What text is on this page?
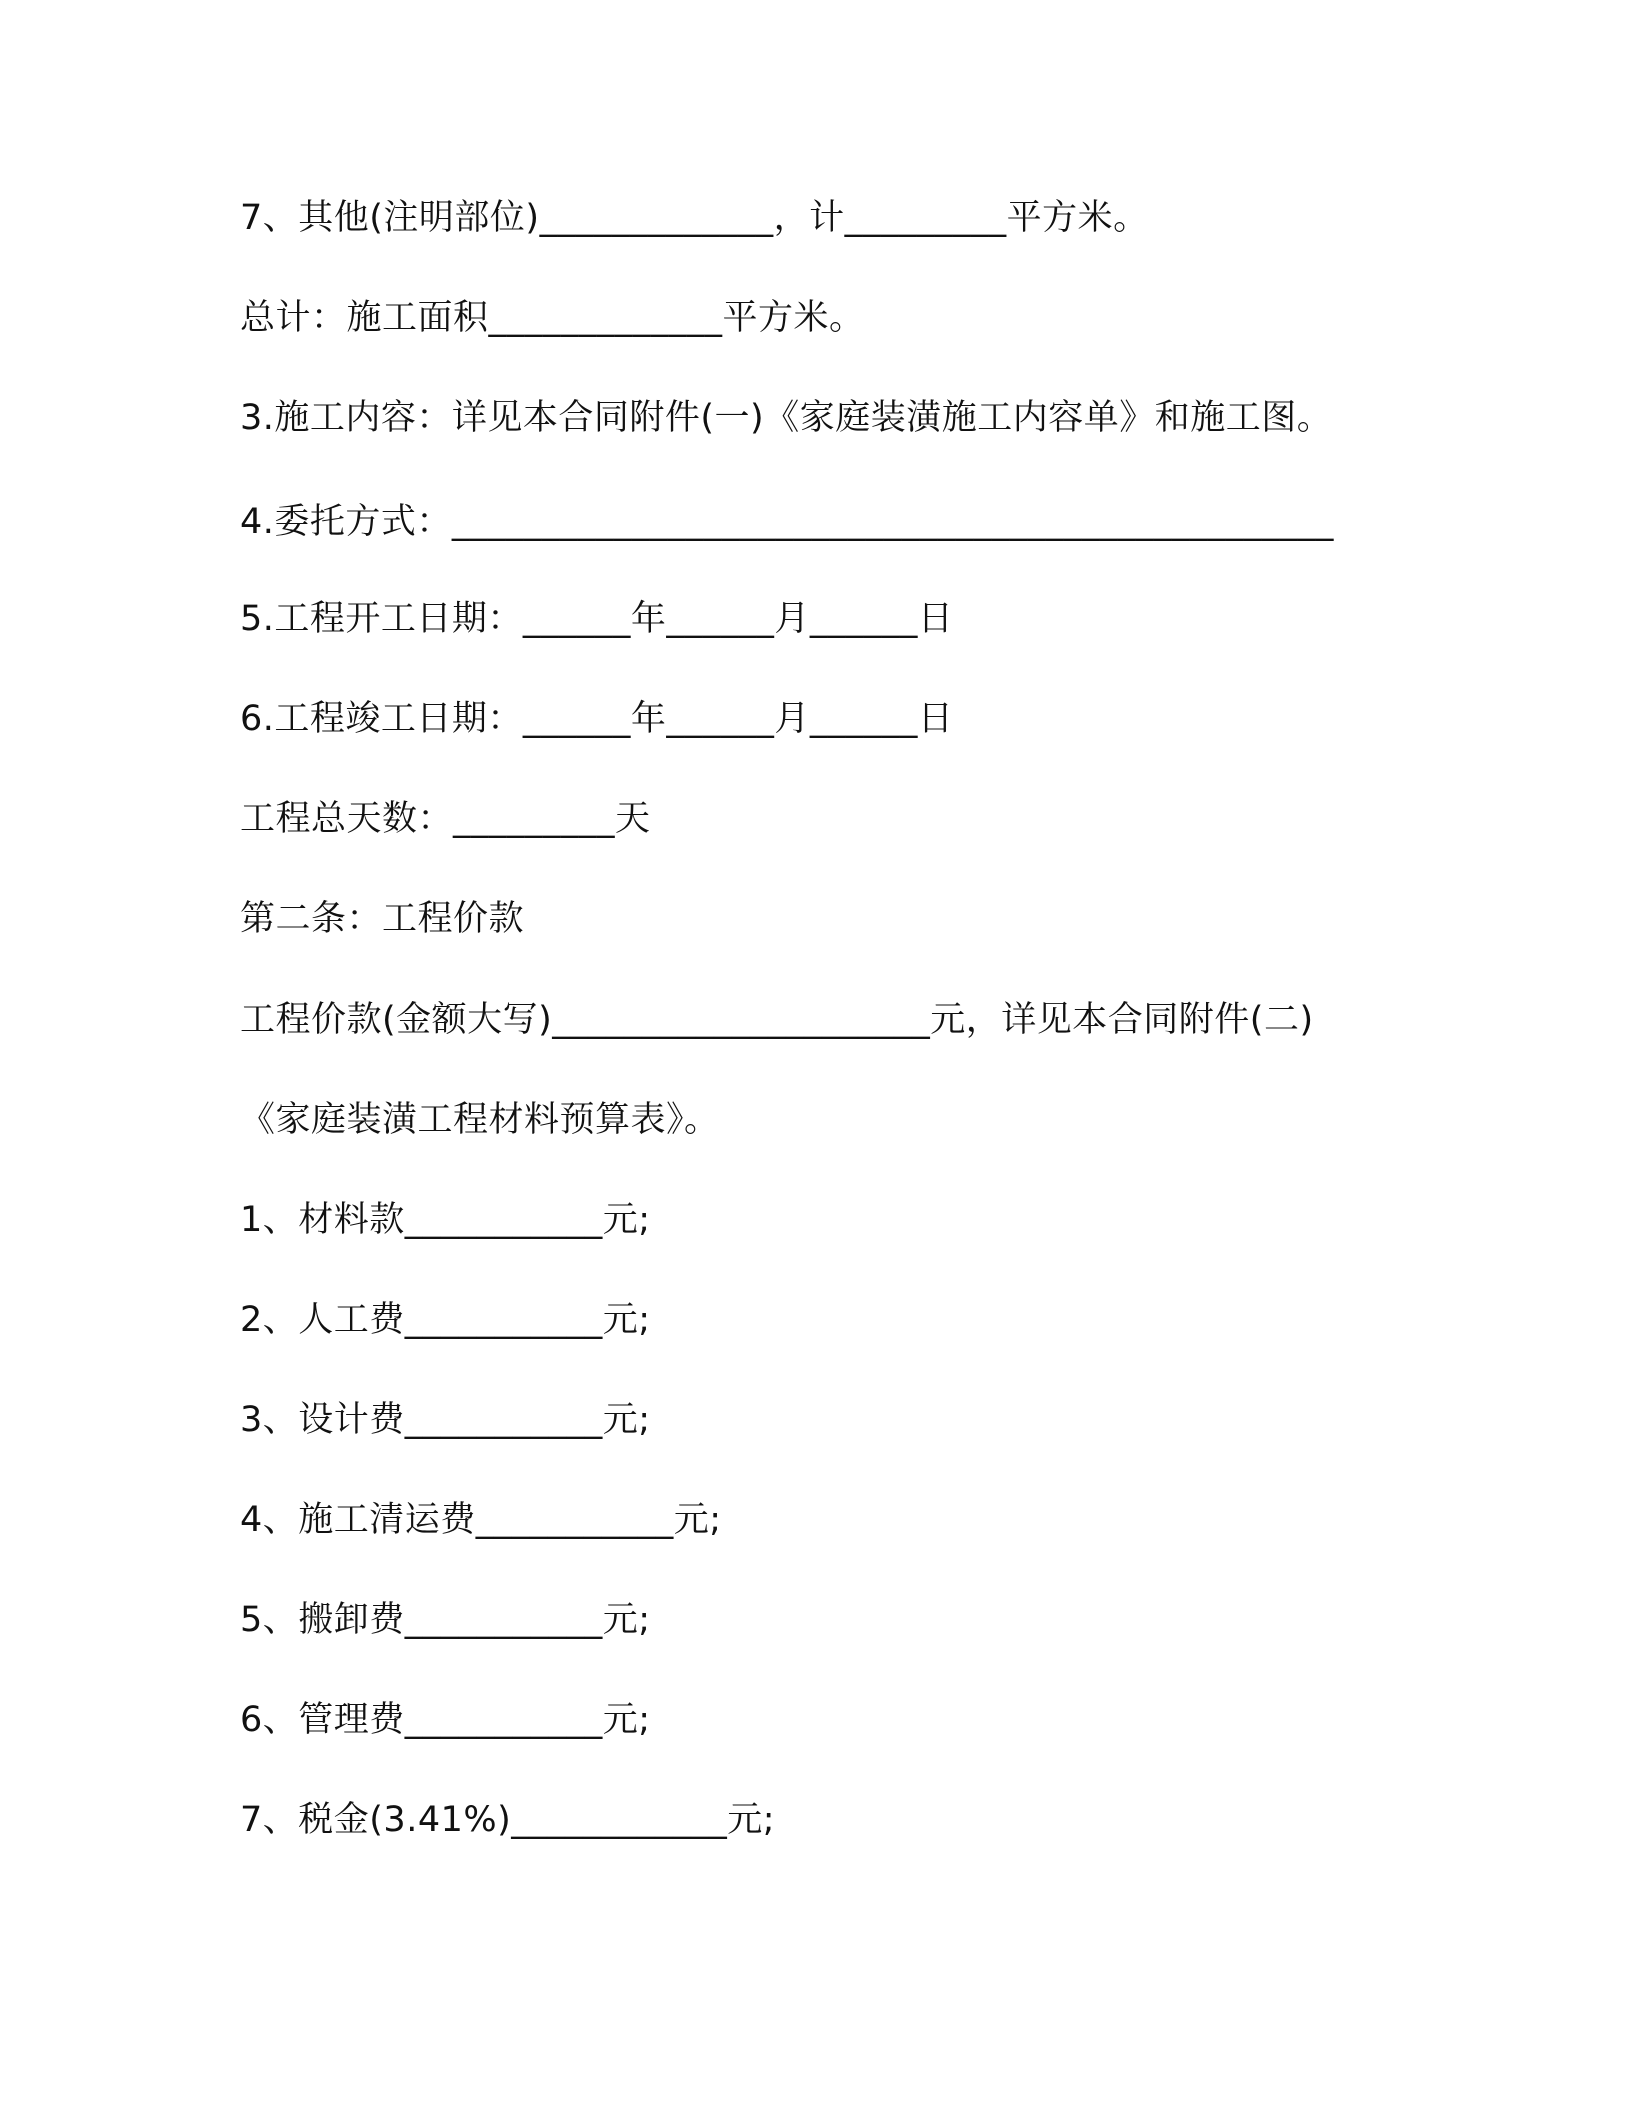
7、其他(注明部位)_____________，计_________平方米。
总计：施工面积_____________平方米。
3.施工内容：详见本合同附件(一)《家庭装潢施工内容单》和施工图。
4.委托方式：_________________________________________________
5.工程开工日期：______年______月______日
6.工程竣工日期：______年______月______日
工程总天数：_________天
第二条：工程价款
工程价款(金额大写)_____________________元，详见本合同附件(二)
《家庭装潢工程材料预算表》。
1、材料款___________元;
2、人工费___________元;
3、设计费___________元;
4、施工清运费___________元;
5、搬卸费___________元;
6、管理费___________元;
7、税金(3.41%)____________元;
